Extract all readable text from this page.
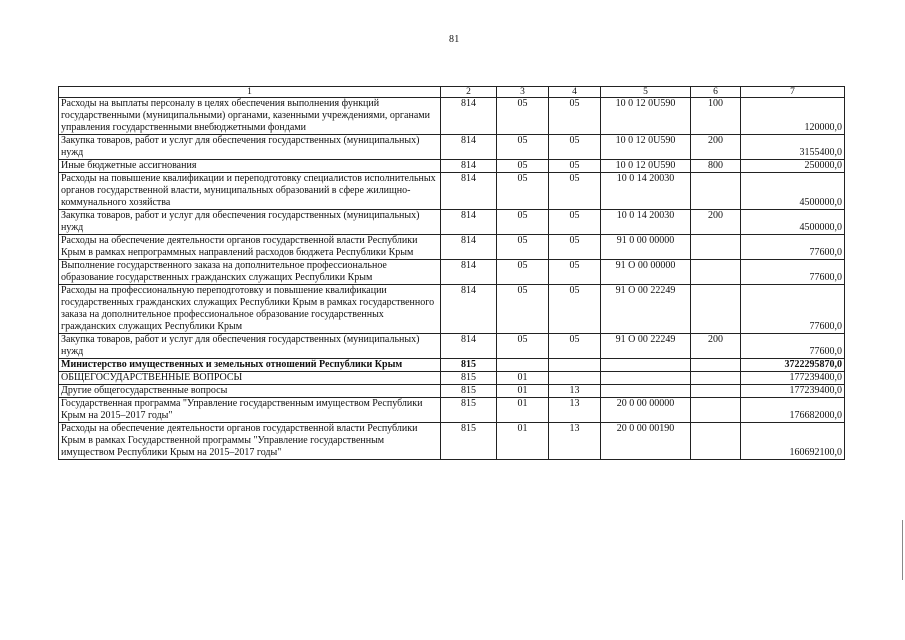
81
1	2	3	4	5	6	7
Расходы на выплаты персоналу в целях обеспечения выполнения функций государственными (муниципальными) органами, казенными учреждениями, органами управления государственными внебюджетными фондами	814	05	05	10 0 12 0U590	100	120000,0
Закупка товаров, работ и услуг для обеспечения государственных (муниципальных) нужд	814	05	05	10 0 12 0U590	200	3155400,0
Иные бюджетные ассигнования	814	05	05	10 0 12 0U590	800	250000,0
Расходы на повышение квалификации и переподготовку специалистов исполнительных органов государственной власти, муниципальных образований в сфере жилищно-коммунального хозяйства	814	05	05	10 0 14 20030		4500000,0
Закупка товаров, работ и услуг для обеспечения государственных (муниципальных) нужд	814	05	05	10 0 14 20030	200	4500000,0
Расходы на обеспечение деятельности органов государственной власти Республики Крым в рамках непрограммных направлений расходов бюджета Республики Крым	814	05	05	91 0 00 00000		77600,0
Выполнение государственного заказа на дополнительное профессиональное образование государственных гражданских служащих Республики Крым	814	05	05	91 О 00 00000		77600,0
Расходы на профессиональную переподготовку и повышение квалификации государственных гражданских служащих Республики Крым в рамках государственного заказа на дополнительное профессиональное образование государственных гражданских служащих Республики Крым	814	05	05	91 О 00 22249		77600,0
Закупка товаров, работ и услуг для обеспечения государственных (муниципальных) нужд	814	05	05	91 О 00 22249	200	77600,0
Министерство имущественных и земельных отношений Республики Крым	815					3722295870,0
ОБЩЕГОСУДАРСТВЕННЫЕ ВОПРОСЫ	815	01				177239400,0
Другие общегосударственные вопросы	815	01	13			177239400,0
Государственная программа "Управление государственным имуществом Республики Крым на 2015–2017 годы"	815	01	13	20 0 00 00000		176682000,0
Расходы на обеспечение деятельности органов государственной власти Республики Крым в рамках Государственной программы "Управление государственным имуществом Республики Крым на 2015–2017 годы"	815	01	13	20 0 00 00190		160692100,0
